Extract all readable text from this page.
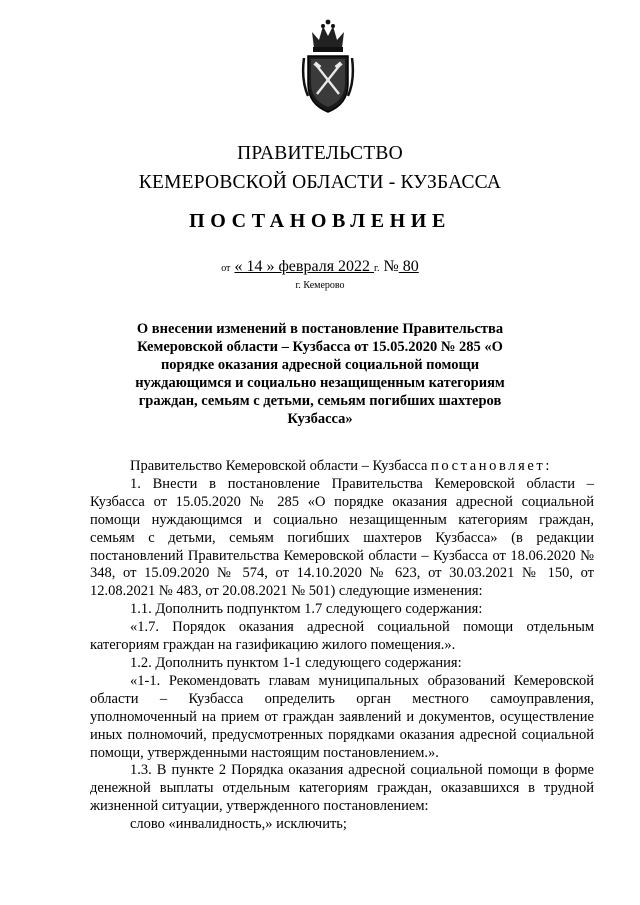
ПРАВИТЕЛЬСТВО
КЕМЕРОВСКОЙ ОБЛАСТИ - КУЗБАССА
ПОСТАНОВЛЕНИЕ
от « 14 » февраля 2022 г. № 80
г. Кемерово
О внесении изменений в постановление Правительства Кемеровской области – Кузбасса от 15.05.2020 № 285 «О порядке оказания адресной социальной помощи нуждающимся и социально незащищенным категориям граждан, семьям с детьми, семьям погибших шахтеров Кузбасса»

Правительство Кемеровской области – Кузбасса постановляет:

1. Внести в постановление Правительства Кемеровской области – Кузбасса от 15.05.2020 № 285 «О порядке оказания адресной социальной помощи нуждающимся и социально незащищенным категориям граждан, семьям с детьми, семьям погибших шахтеров Кузбасса» (в редакции постановлений Правительства Кемеровской области – Кузбасса от 18.06.2020 № 348, от 15.09.2020 № 574, от 14.10.2020 № 623, от 30.03.2021 № 150, от 12.08.2021 № 483, от 20.08.2021 № 501) следующие изменения:

1.1. Дополнить подпунктом 1.7 следующего содержания:

«1.7. Порядок оказания адресной социальной помощи отдельным категориям граждан на газификацию жилого помещения.».

1.2. Дополнить пунктом 1-1 следующего содержания:

«1-1. Рекомендовать главам муниципальных образований Кемеровской области – Кузбасса определить орган местного самоуправления, уполномоченный на прием от граждан заявлений и документов, осуществление иных полномочий, предусмотренных порядками оказания адресной социальной помощи, утвержденными настоящим постановлением.».

1.3. В пункте 2 Порядка оказания адресной социальной помощи в форме денежной выплаты отдельным категориям граждан, оказавшихся в трудной жизненной ситуации, утвержденного постановлением:

слово «инвалидность,» исключить;
